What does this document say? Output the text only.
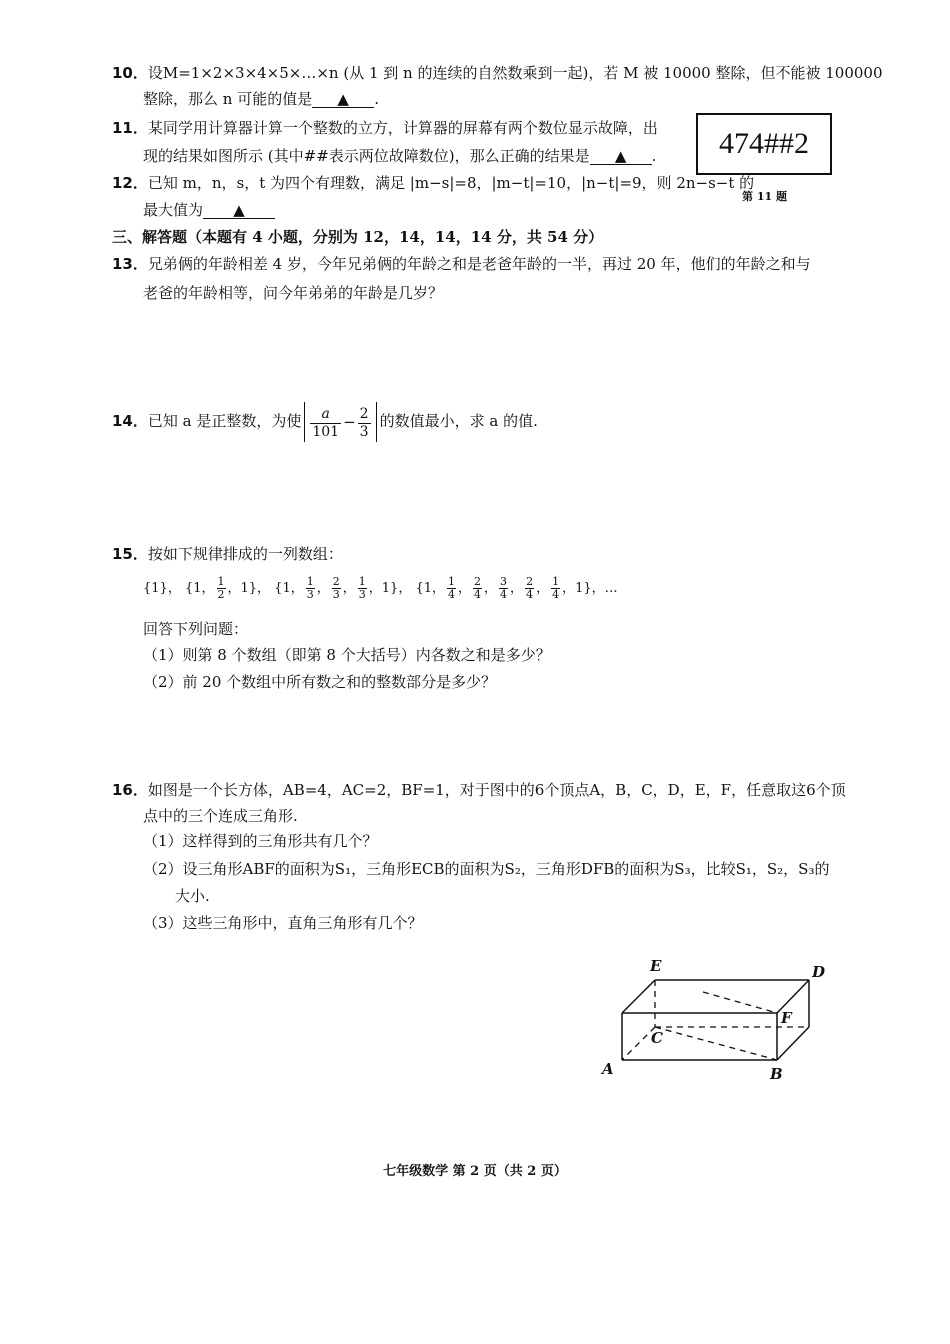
10．设M=1×2×3×4×5×…×n (从 1 到 n 的连续的自然数乘到一起)，若 M 被 10000 整除，但不能被 100000
整除，那么 n 可能的值是 ▲ .
11．某同学用计算器计算一个整数的立方，计算器的屏幕有两个数位显示故障，出
现的结果如图所示 (其中##表示两位故障数位)，那么正确的结果是 ▲ . 474##2
第 11 题
12．已知 m，n，s，t 为四个有理数，满足 |m−s|=8，|m−t|=10，|n−t|=9，则 2n−s−t 的
最大值为 ▲
三、解答题（本题有 4 小题，分别为 12，14，14，14 分，共 54 分）
13．兄弟俩的年龄相差 4 岁，今年兄弟俩的年龄之和是老爸年龄的一半，再过 20 年，他们的年龄之和与
老爸的年龄相等，问今年弟弟的年龄是几岁？
14．已知 a 是正整数，为使 $\frac{a}{101} - \frac{2}{3}$ 的数值最小，求 a 的值.
15．按如下规律排成的一列数组：
{1}， {1， $\frac{1}{2}$ ，1}， {1， $\frac{1}{3}$ ， $\frac{2}{3}$ ， $\frac{1}{3}$ ，1}， {1， $\frac{1}{4}$ ， $\frac{2}{4}$ ， $\frac{3}{4}$ ， $\frac{2}{4}$ ， $\frac{1}{4}$ ，1}，…
回答下列问题：
（1）则第 8 个数组（即第 8 个大括号）内各数之和是多少？
（2）前 20 个数组中所有数之和的整数部分是多少？
16．如图是一个长方体，AB=4，AC=2，BF=1，对于图中的6个顶点A，B，C，D，E，F，任意取这6个顶
点中的三个连成三角形.
（1）这样得到的三角形共有几个？
（2）设三角形ABF的面积为S₁，三角形ECB的面积为S₂，三角形DFB的面积为S₃，比较S₁，S₂，S₃的
大小.
（3）这些三角形中，直角三角形有几个？
E	D
F
C
A	B
七年级数学 第 2 页（共 2 页）
